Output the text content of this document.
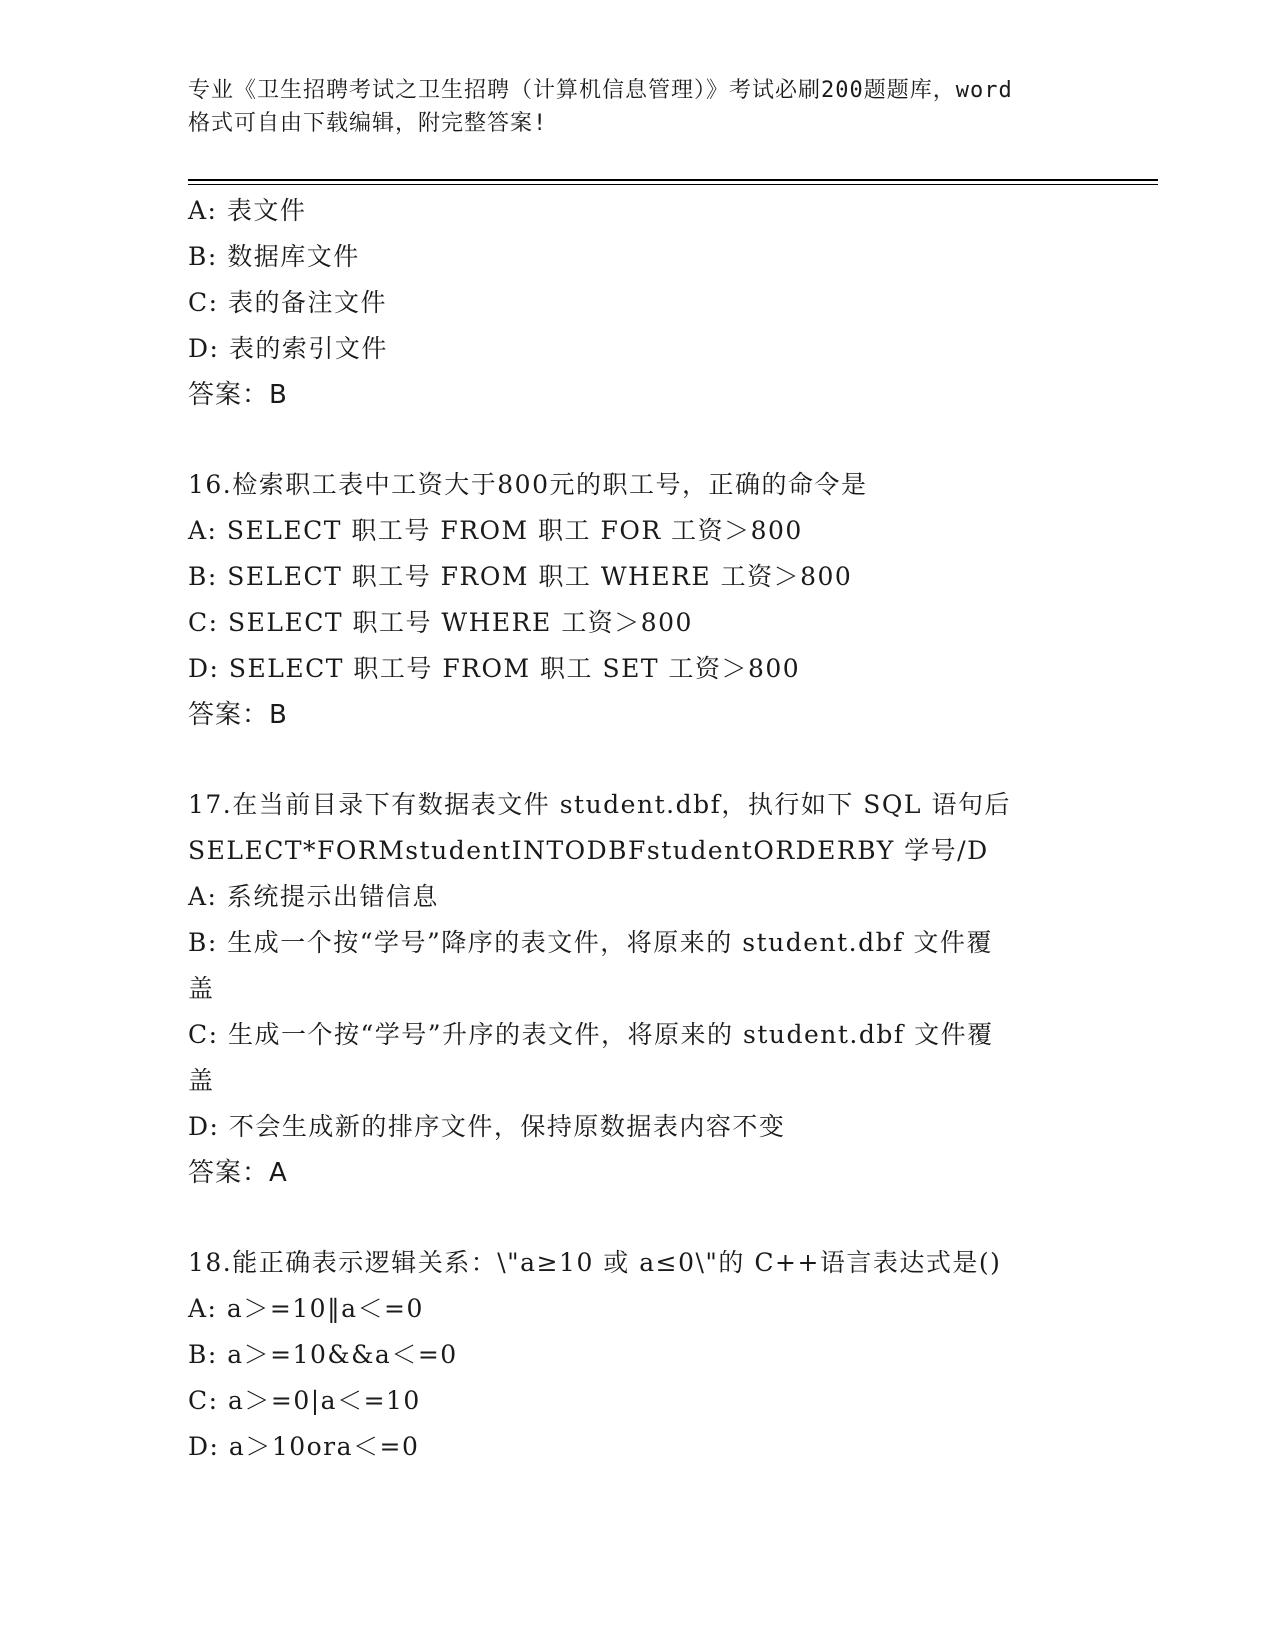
专业《卫生招聘考试之卫生招聘（计算机信息管理）》考试必刷200题题库，word
格式可自由下载编辑，附完整答案!
A: 表文件
B: 数据库文件
C: 表的备注文件
D: 表的索引文件
答案：B
16.检索职工表中工资大于800元的职工号，正确的命令是
A: SELECT 职工号 FROM 职工 FOR 工资＞800
B: SELECT 职工号 FROM 职工 WHERE 工资＞800
C: SELECT 职工号 WHERE 工资＞800
D: SELECT 职工号 FROM 职工 SET 工资＞800
答案：B
17.在当前目录下有数据表文件 student.dbf，执行如下 SQL 语句后
SELECT*FORMstudentINTODBFstudentORDERBY 学号/D
A: 系统提示出错信息
B: 生成一个按“学号”降序的表文件，将原来的 student.dbf 文件覆
盖
C: 生成一个按“学号”升序的表文件，将原来的 student.dbf 文件覆
盖
D: 不会生成新的排序文件，保持原数据表内容不变
答案：A
18.能正确表示逻辑关系：\"a≥10 或 a≤0\"的 C++语言表达式是()
A: a＞=10‖a＜=0
B: a＞=10&&a＜=0
C: a＞=0|a＜=10
D: a＞10ora＜=0
